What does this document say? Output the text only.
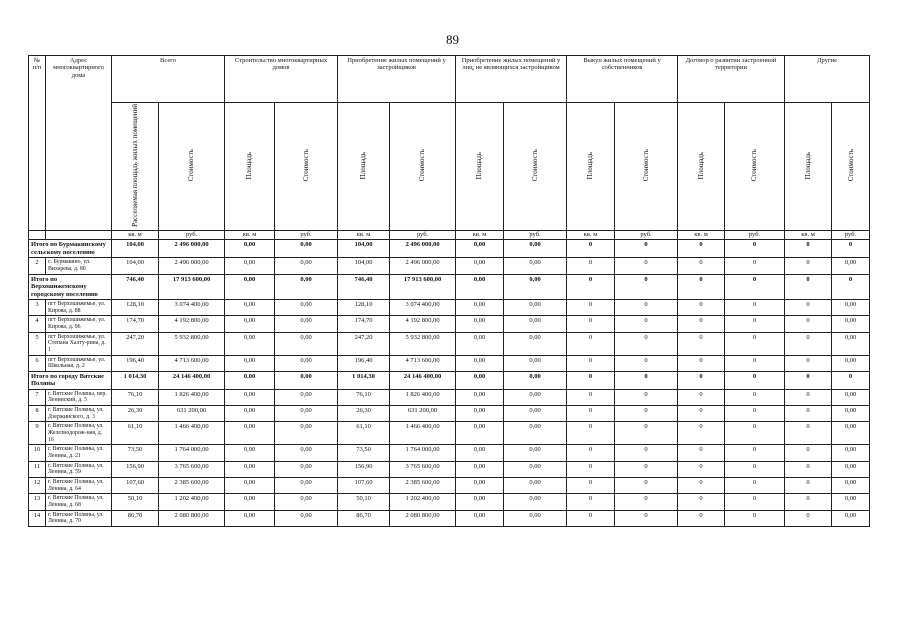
89
№ п/п	Адрес многоквартирного дома	Всего		Строительство многоквартирных домов		Приобретение жилых помещений у застройщиков		Приобретение жилых помещений у лиц, не являющихся застройщиком		Выкуп жилых помещений у собственников		Договор о развитии застроенной территории		Другие	
		Расселяемая площадь жилых помещений	Стоимость	Площадь	Стоимость	Площадь	Стоимость	Площадь	Стоимость	Площадь	Стоимость	Площадь	Стоимость	Площадь	Стоимость
		кв. м	руб.	кв. м	руб.	кв. м	руб.	кв. м	руб.	кв. м	руб.	кв. м	руб.	кв. м	руб.
Итого по Бурмакинскому сельскому поселению		104,00	2 496 000,00	0,00	0,00	104,00	2 496 000,00	0,00	0,00	0	0	0	0	0	0
2	с. Бурмакино, ул. Вихарева, д. 80	104,00	2 496 000,00	0,00	0,00	104,00	2 496 000,00	0,00	0,00	0	0	0	0	0	0,00
Итого по Верхошижемскому городскому поселению		746,40	17 913 600,00	0,00	0,00	746,40	17 913 600,00	0,00	0,00	0	0	0	0	0	0
3	пгт Верхошижемье, ул. Кирова, д. 88	128,10	3 074 400,00	0,00	0,00	128,10	3 074 400,00	0,00	0,00	0	0	0	0	0	0,00
4	пгт Верхошижемье, ул. Кирова, д. 96	174,70	4 192 800,00	0,00	0,00	174,70	4 192 800,00	0,00	0,00	0	0	0	0	0	0,00
5	пгт Верхошижемье, ул. Степана Халту-рина, д. 1	247,20	5 932 800,00	0,00	0,00	247,20	5 932 800,00	0,00	0,00	0	0	0	0	0	0,00
6	пгт Верхошижемье, ул. Школьная, д. 2	196,40	4 713 600,00	0,00	0,00	196,40	4 713 600,00	0,00	0,00	0	0	0	0	0	0,00
Итого по городу Вятские Поляны		1 014,30	24 146 400,00	0,00	0,00	1 014,30	24 146 400,00	0,00	0,00	0	0	0	0	0	0
7	г. Вятские Поляны, пер. Ленинский, д. 5	76,10	1 826 400,00	0,00	0,00	76,10	1 826 400,00	0,00	0,00	0	0	0	0	0	0,00
8	г. Вятские Поляны, ул. Дзержинского, д. 3	26,30	631 200,00	0,00	0,00	26,30	631 200,00	0,00	0,00	0	0	0	0	0	0,00
9	г. Вятские Поляны, ул. Железнодорож-ная, д. 16	61,10	1 466 400,00	0,00	0,00	61,10	1 466 400,00	0,00	0,00	0	0	0	0	0	0,00
10	г. Вятские Поляны, ул. Ленина, д. 21	73,50	1 764 000,00	0,00	0,00	73,50	1 764 000,00	0,00	0,00	0	0	0	0	0	0,00
11	г. Вятские Поляны, ул. Ленина, д. 59	156,90	3 765 600,00	0,00	0,00	156,90	3 765 600,00	0,00	0,00	0	0	0	0	0	0,00
12	г. Вятские Поляны, ул. Ленина, д. 64	107,60	2 385 600,00	0,00	0,00	107,60	2 385 600,00	0,00	0,00	0	0	0	0	0	0,00
13	г. Вятские Поляны, ул. Ленина, д. 68	50,10	1 202 400,00	0,00	0,00	50,10	1 202 400,00	0,00	0,00	0	0	0	0	0	0,00
14	г. Вятские Поляны, ул. Ленина, д. 70	86,70	2 080 800,00	0,00	0,00	86,70	2 080 800,00	0,00	0,00	0	0	0	0	0	0,00
